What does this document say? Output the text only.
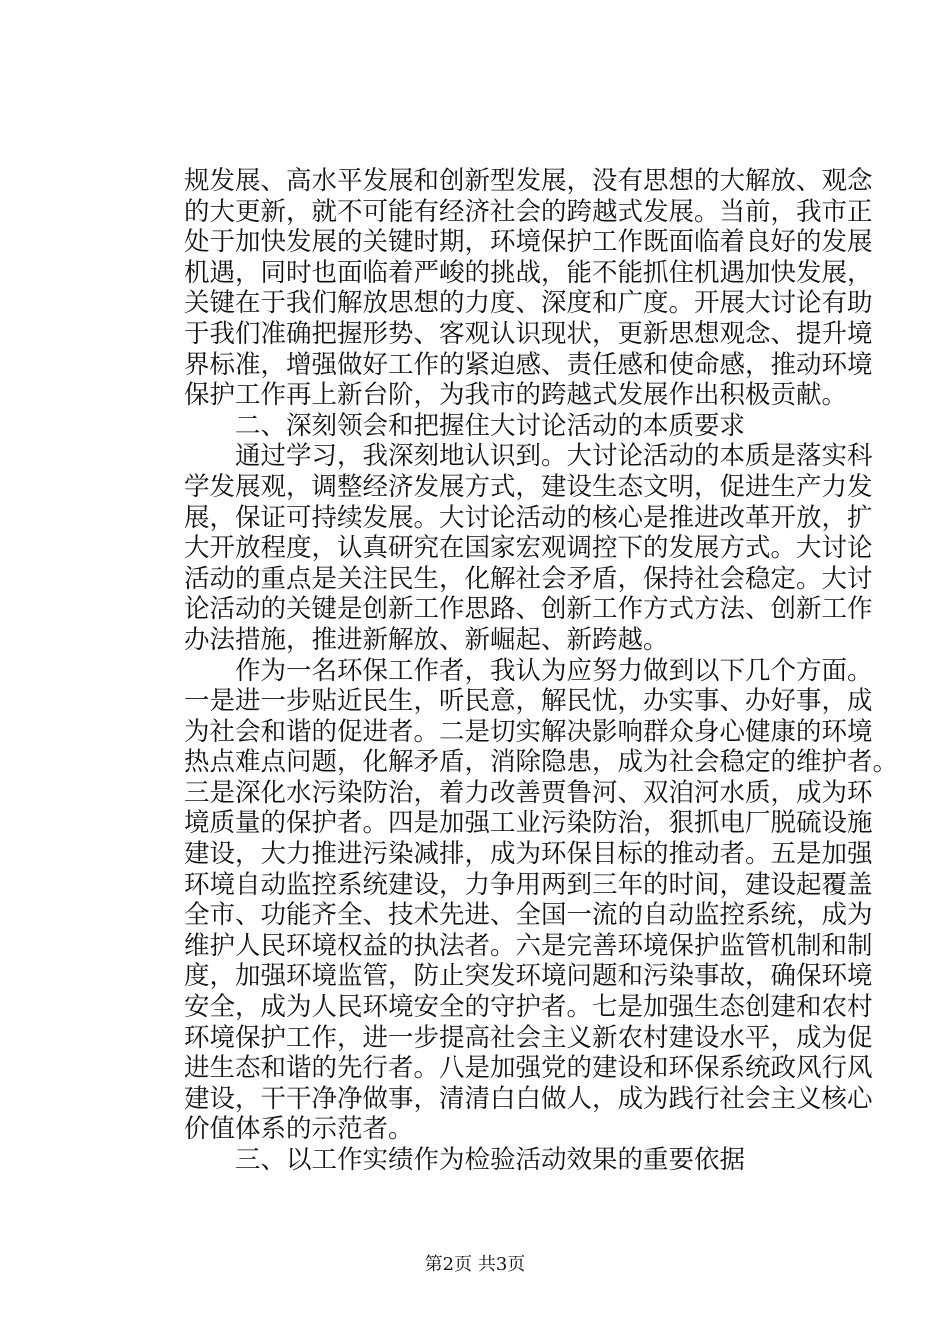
规发展、高水平发展和创新型发展，没有思想的大解放、观念
的大更新，就不可能有经济社会的跨越式发展。当前，我市正
处于加快发展的关键时期，环境保护工作既面临着良好的发展
机遇，同时也面临着严峻的挑战，能不能抓住机遇加快发展，
关键在于我们解放思想的力度、深度和广度。开展大讨论有助
于我们准确把握形势、客观认识现状，更新思想观念、提升境
界标准，增强做好工作的紧迫感、责任感和使命感，推动环境
保护工作再上新台阶，为我市的跨越式发展作出积极贡献。
二、深刻领会和把握住大讨论活动的本质要求
通过学习，我深刻地认识到。大讨论活动的本质是落实科
学发展观，调整经济发展方式，建设生态文明，促进生产力发
展，保证可持续发展。大讨论活动的核心是推进改革开放，扩
大开放程度，认真研究在国家宏观调控下的发展方式。大讨论
活动的重点是关注民生，化解社会矛盾，保持社会稳定。大讨
论活动的关键是创新工作思路、创新工作方式方法、创新工作
办法措施，推进新解放、新崛起、新跨越。
作为一名环保工作者，我认为应努力做到以下几个方面。
一是进一步贴近民生，听民意，解民忧，办实事、办好事，成
为社会和谐的促进者。二是切实解决影响群众身心健康的环境
热点难点问题，化解矛盾，消除隐患，成为社会稳定的维护者。
三是深化水污染防治，着力改善贾鲁河、双洎河水质，成为环
境质量的保护者。四是加强工业污染防治，狠抓电厂脱硫设施
建设，大力推进污染减排，成为环保目标的推动者。五是加强
环境自动监控系统建设，力争用两到三年的时间，建设起覆盖
全市、功能齐全、技术先进、全国一流的自动监控系统，成为
维护人民环境权益的执法者。六是完善环境保护监管机制和制
度，加强环境监管，防止突发环境问题和污染事故，确保环境
安全，成为人民环境安全的守护者。七是加强生态创建和农村
环境保护工作，进一步提高社会主义新农村建设水平，成为促
进生态和谐的先行者。八是加强党的建设和环保系统政风行风
建设，干干净净做事，清清白白做人，成为践行社会主义核心
价值体系的示范者。
三、以工作实绩作为检验活动效果的重要依据
第2页 共3页
